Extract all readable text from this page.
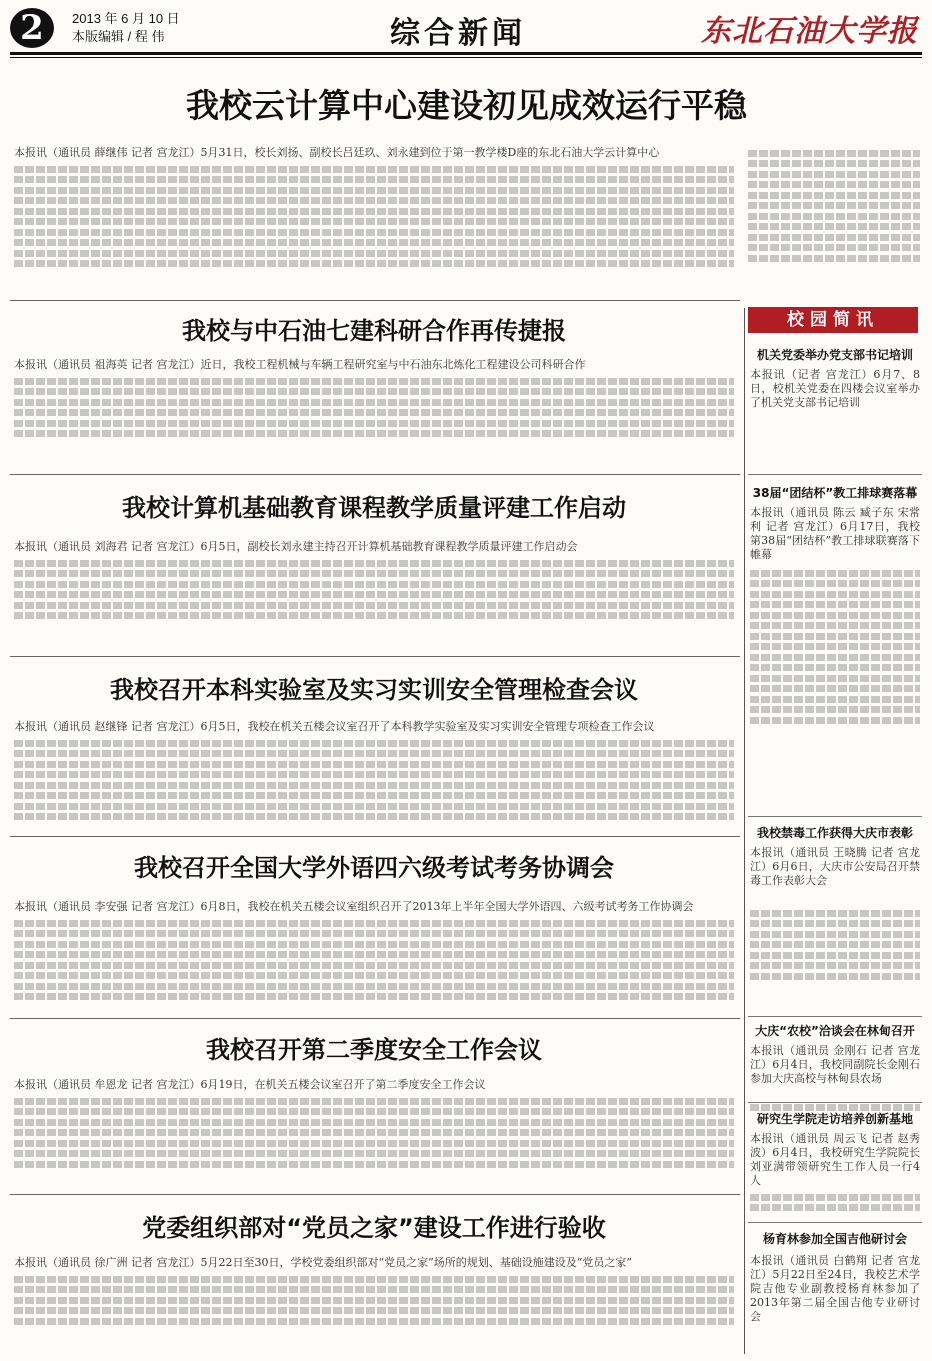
2	2013 年 6 月 10 日
本版编辑 / 程 伟	综合新闻	东北石油大学报
我校云计算中心建设初见成效运行平稳
本报讯（通讯员 薛继伟 记者 宫龙江）5月31日，校长刘扬、副校长吕廷玖、刘永建到位于第一教学楼D座的东北石油大学云计算中心
我校与中石油七建科研合作再传捷报
本报讯（通讯员 祖海英 记者 宫龙江）近日，我校工程机械与车辆工程研究室与中石油东北炼化工程建设公司科研合作
我校计算机基础教育课程教学质量评建工作启动
本报讯（通讯员 刘海君 记者 宫龙江）6月5日，副校长刘永建主持召开计算机基础教育课程教学质量评建工作启动会
我校召开本科实验室及实习实训安全管理检查会议
本报讯（通讯员 赵继锋 记者 宫龙江）6月5日，我校在机关五楼会议室召开了本科教学实验室及实习实训安全管理专项检查工作会议
我校召开全国大学外语四六级考试考务协调会
本报讯（通讯员 李安强 记者 宫龙江）6月8日，我校在机关五楼会议室组织召开了2013年上半年全国大学外语四、六级考试考务工作协调会
我校召开第二季度安全工作会议
本报讯（通讯员 牟恩龙 记者 宫龙江）6月19日，在机关五楼会议室召开了第二季度安全工作会议
党委组织部对“党员之家”建设工作进行验收
本报讯（通讯员 徐广洲 记者 宫龙江）5月22日至30日，学校党委组织部对“党员之家”场所的规划、基础设施建设及“党员之家”
校园简讯
机关党委举办党支部书记培训
本报讯（记者 宫龙江）6月7、8日，校机关党委在四楼会议室举办了机关党支部书记培训
38届“团结杯”教工排球赛落幕
本报讯（通讯员 陈云 臧子东 宋常利 记者 宫龙江）6月17日，我校第38届“团结杯”教工排球联赛落下帷幕
我校禁毒工作获得大庆市表彰
本报讯（通讯员 王晓腾 记者 宫龙江）6月6日，大庆市公安局召开禁毒工作表彰大会
大庆“农校”洽谈会在林甸召开
本报讯（通讯员 金刚石 记者 宫龙江）6月4日，我校同副院长金刚石参加大庆高校与林甸县农场
研究生学院走访培养创新基地
本报讯（通讯员 周云飞 记者 赵秀波）6月4日，我校研究生学院院长刘亚满带领研究生工作人员一行4人
杨育林参加全国吉他研讨会
本报讯（通讯员 白鹤翔 记者 宫龙江）5月22日至24日，我校艺术学院吉他专业副教授杨育林参加了2013年第二届全国吉他专业研讨会
